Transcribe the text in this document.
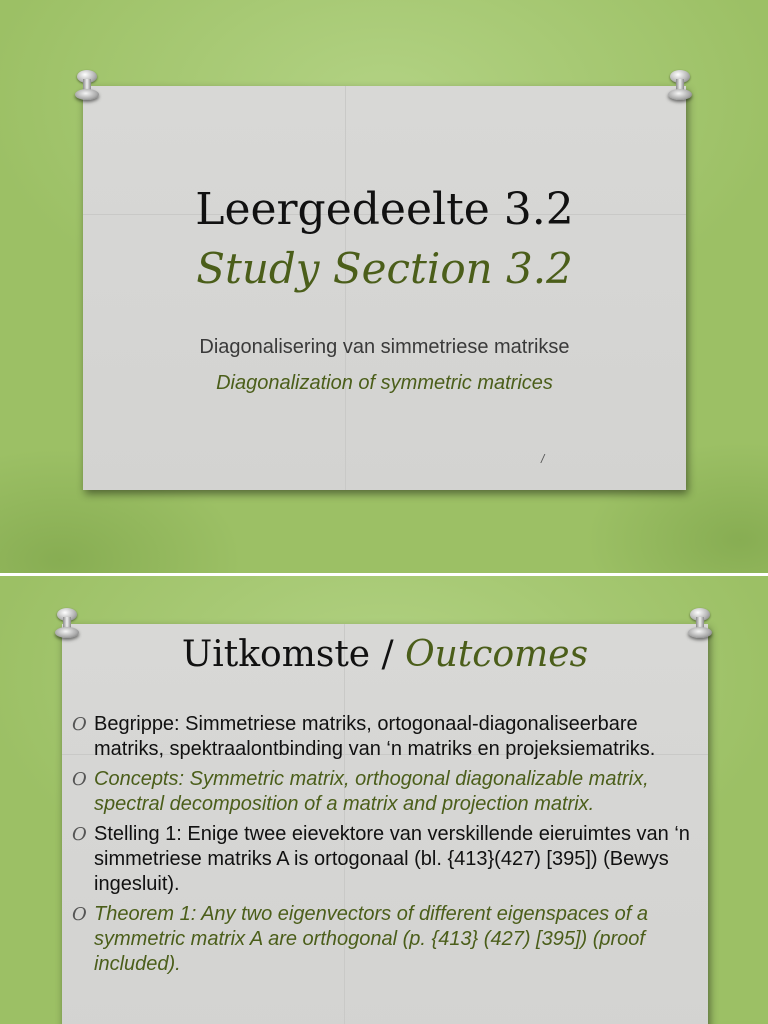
Leergedeelte 3.2
Study Section 3.2
Diagonalisering van simmetriese matrikse
Diagonalization of symmetric matrices
/
Uitkomste / Outcomes
O Begrippe: Simmetriese matriks, ortogonaal-diagonaliseerbare matriks, spektraalontbinding van ‘n matriks en projeksiematriks.
O Concepts: Symmetric matrix, orthogonal diagonalizable matrix, spectral decomposition of a matrix and projection matrix.
O Stelling 1: Enige twee eievektore van verskillende eieruimtes van ‘n simmetriese matriks A is ortogonaal (bl. {413}(427) [395]) (Bewys ingesluit).
O Theorem 1: Any two eigenvectors of different eigenspaces of a symmetric matrix A are orthogonal (p. {413} (427) [395]) (proof included).
